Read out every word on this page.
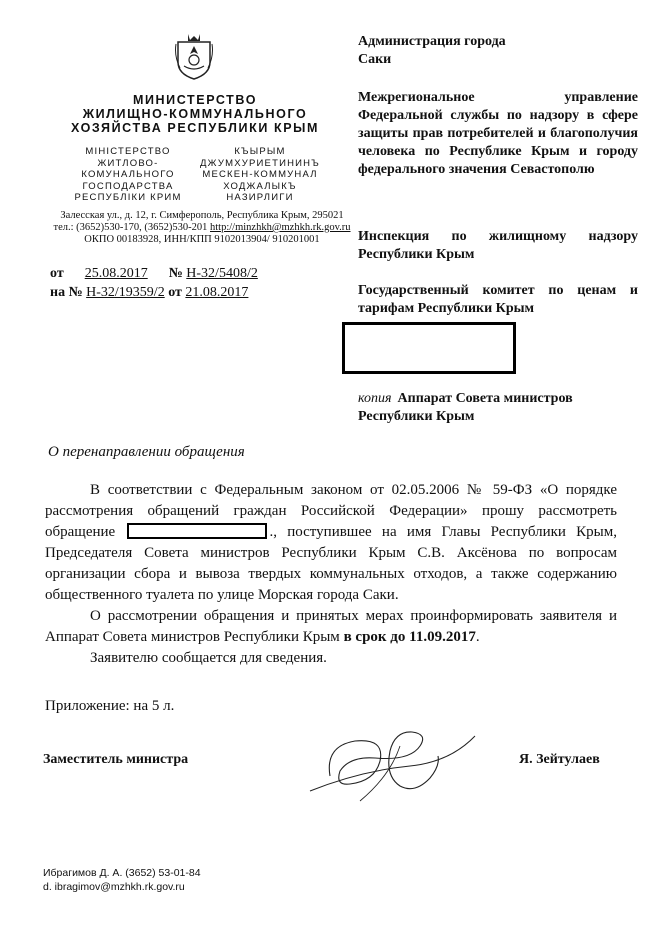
МИНИСТЕРСТВО
ЖИЛИЩНО-КОММУНАЛЬНОГО
ХОЗЯЙСТВА РЕСПУБЛИКИ КРЫМ
МІНІСТЕРСТВО
ЖИТЛОВО-
КОМУНАЛЬНОГО
ГОСПОДАРСТВА
РЕСПУБЛІКИ КРИМ
КЪЫРЫМ
ДЖУМХУРИЕТИНИНЪ
МЕСКЕН-КОММУНАЛ
ХОДЖАЛЫКЪ
НАЗИРЛИГИ
Залесская ул., д. 12, г. Симферополь, Республика Крым, 295021
тел.: (3652)530-170, (3652)530-201 http://minzhkh@mzhkh.rk.gov.ru
ОКПО 00183928, ИНН/КПП 9102013904/ 910201001
от 25.08.2017 № Н-32/5408/2
на № Н-32/19359/2 от 21.08.2017
Администрация города Саки
Межрегиональное управление Федеральной службы по надзору в сфере защиты прав потребителей и благополучия человека по Республике Крым и городу федерального значения Севастополю
Инспекция по жилищному надзору Республики Крым
Государственный комитет по ценам и тарифам Республики Крым
копия Аппарат Совета министров Республики Крым
О перенаправлении обращения

В соответствии с Федеральным законом от 02.05.2006 № 59-ФЗ «О порядке рассмотрения обращений граждан Российской Федерации» прошу рассмотреть обращение	., поступившее на имя Главы Республики Крым, Председателя Совета министров Республики Крым С.В. Аксёнова по вопросам организации сбора и вывоза твердых коммунальных отходов, а также содержанию общественного туалета по улице Морская города Саки.

О рассмотрении обращения и принятых мерах проинформировать заявителя и Аппарат Совета министров Республики Крым в срок до 11.09.2017.

Заявителю сообщается для сведения.

Приложение: на 5 л.
Заместитель министра	Я. Зейтулаев
Ибрагимов Д. А. (3652) 53-01-84
d. ibragimov@mzhkh.rk.gov.ru
